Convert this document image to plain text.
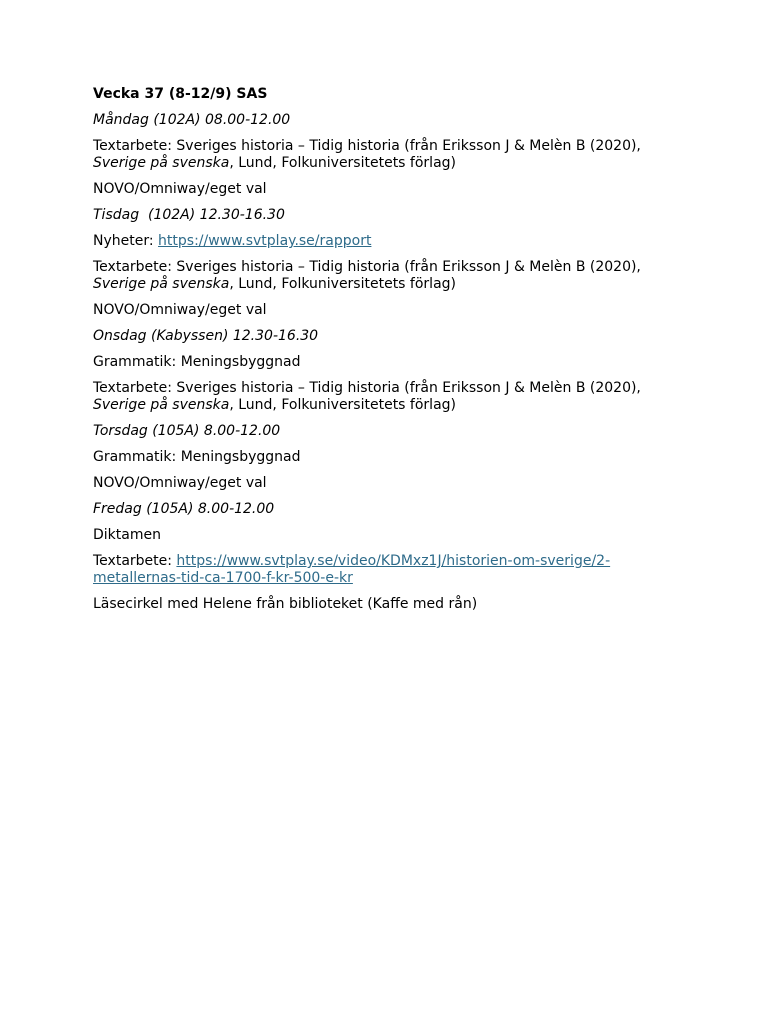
Vecka 37 (8-12/9) SAS
Måndag (102A) 08.00-12.00
Textarbete: Sveriges historia – Tidig historia (från Eriksson J & Melèn B (2020),
Sverige på svenska, Lund, Folkuniversitetets förlag)
NOVO/Omniway/eget val
Tisdag  (102A) 12.30-16.30
Nyheter: https://www.svtplay.se/rapport
Textarbete: Sveriges historia – Tidig historia (från Eriksson J & Melèn B (2020),
Sverige på svenska, Lund, Folkuniversitetets förlag)
NOVO/Omniway/eget val
Onsdag (Kabyssen) 12.30-16.30
Grammatik: Meningsbyggnad
Textarbete: Sveriges historia – Tidig historia (från Eriksson J & Melèn B (2020),
Sverige på svenska, Lund, Folkuniversitetets förlag)
Torsdag (105A) 8.00-12.00
Grammatik: Meningsbyggnad
NOVO/Omniway/eget val
Fredag (105A) 8.00-12.00
Diktamen
Textarbete: https://www.svtplay.se/video/KDMxz1J/historien-om-sverige/2-
metallernas-tid-ca-1700-f-kr-500-e-kr
Läsecirkel med Helene från biblioteket (Kaffe med rån)
